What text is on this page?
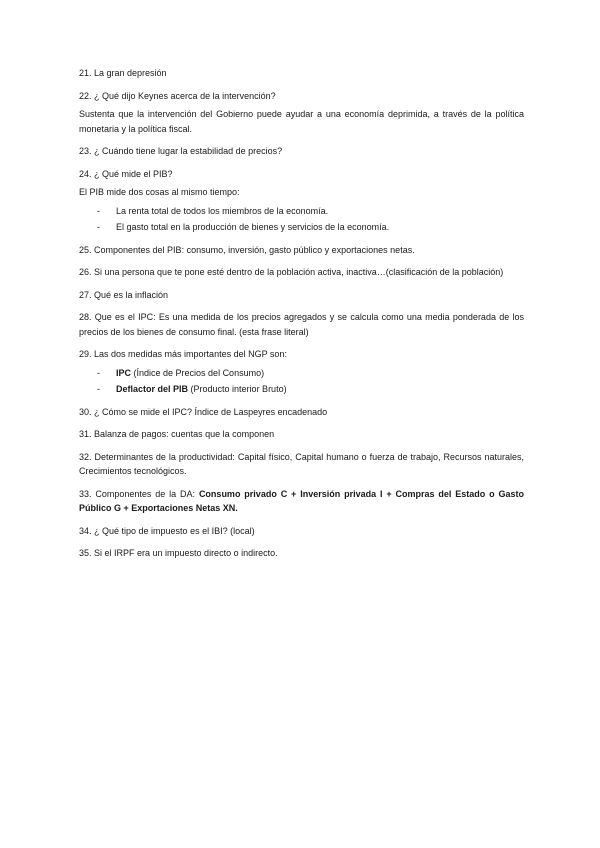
21. La gran depresión

22. ¿ Qué dijo Keynes acerca de la intervención?

Sustenta que la intervención del Gobierno puede ayudar a una economía deprimida, a través de la política monetaria y la política fiscal.

23. ¿ Cuándo tiene lugar la estabilidad de precios?

24. ¿ Qué mide el PIB?

El PIB mide dos cosas al mismo tiempo:

- La renta total de todos los miembros de la economía.
- El gasto total en la producción de bienes y servicios de la economía.

25. Componentes del PIB: consumo, inversión, gasto público y exportaciones netas.

26. Si una persona que te pone esté dentro de la población activa, inactiva…(clasificación de la población)

27. Qué es la inflación

28. Que es el IPC: Es una medida de los precios agregados y se calcula como una media ponderada de los precios de los bienes de consumo final. (esta frase literal)

29. Las dos medidas más importantes del NGP son:

- IPC (Índice de Precios del Consumo)
- Deflactor del PIB (Producto interior Bruto)

30. ¿ Cómo se mide el IPC? Índice de Laspeyres encadenado

31. Balanza de pagos: cuentas que la componen

32. Determinantes de la productividad: Capital físico, Capital humano o fuerza de trabajo, Recursos naturales, Crecimientos tecnológicos.

33. Componentes de la DA: Consumo privado C + Inversión privada I + Compras del Estado o Gasto Público G + Exportaciones Netas XN.

34. ¿ Qué tipo de impuesto es el IBI? (local)

35. Si el IRPF era un impuesto directo o indirecto.
